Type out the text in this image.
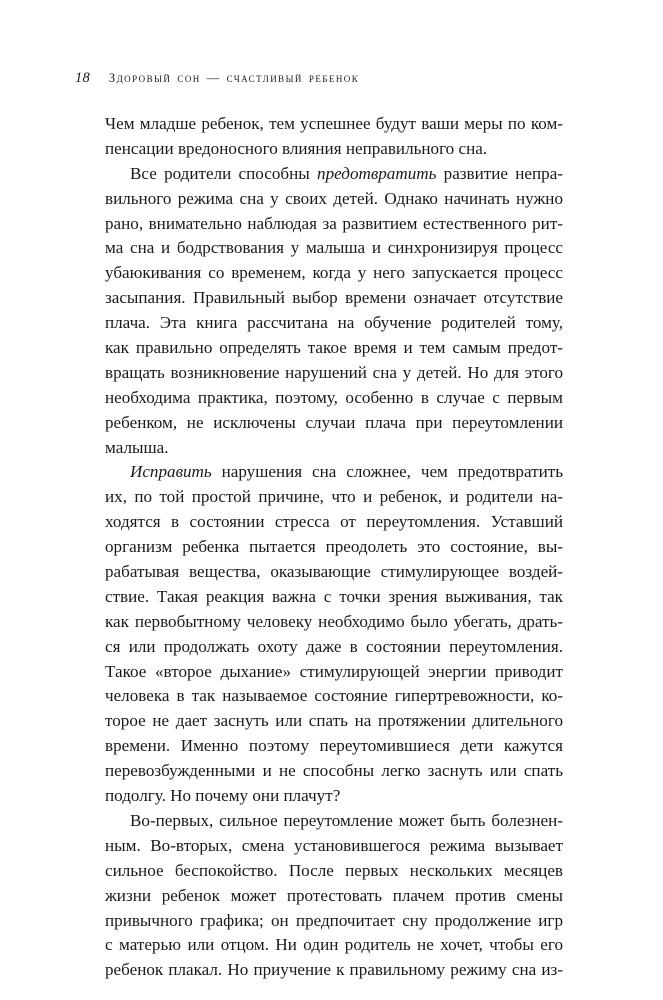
18 Здоровый сон — счастливый ребенок

Чем младше ребенок, тем успешнее будут ваши меры по ком-
пенсации вредоносного влияния неправильного сна.

Все родители способны предотвратить развитие непра-
вильного режима сна у своих детей. Однако начинать нужно
рано, внимательно наблюдая за развитием естественного рит-
ма сна и бодрствования у малыша и синхронизируя процесс
убаюкивания со временем, когда у него запускается процесс
засыпания. Правильный выбор времени означает отсутствие
плача. Эта книга рассчитана на обучение родителей тому,
как правильно определять такое время и тем самым предот-
вращать возникновение нарушений сна у детей. Но для этого
необходима практика, поэтому, особенно в случае с первым
ребенком, не исключены случаи плача при переутомлении
малыша.

Исправить нарушения сна сложнее, чем предотвратить
их, по той простой причине, что и ребенок, и родители на-
ходятся в состоянии стресса от переутомления. Уставший
организм ребенка пытается преодолеть это состояние, вы-
рабатывая вещества, оказывающие стимулирующее воздей-
ствие. Такая реакция важна с точки зрения выживания, так
как первобытному человеку необходимо было убегать, драть-
ся или продолжать охоту даже в состоянии переутомления.
Такое «второе дыхание» стимулирующей энергии приводит
человека в так называемое состояние гипертревожности, ко-
торое не дает заснуть или спать на протяжении длительного
времени. Именно поэтому переутомившиеся дети кажутся
перевозбужденными и не способны легко заснуть или спать
подолгу. Но почему они плачут?

Во-первых, сильное переутомление может быть болезнен-
ным. Во-вторых, смена установившегося режима вызывает
сильное беспокойство. После первых нескольких месяцев
жизни ребенок может протестовать плачем против смены
привычного графика; он предпочитает сну продолжение игр
с матерью или отцом. Ни один родитель не хочет, чтобы его
ребенок плакал. Но приучение к правильному режиму сна из-
